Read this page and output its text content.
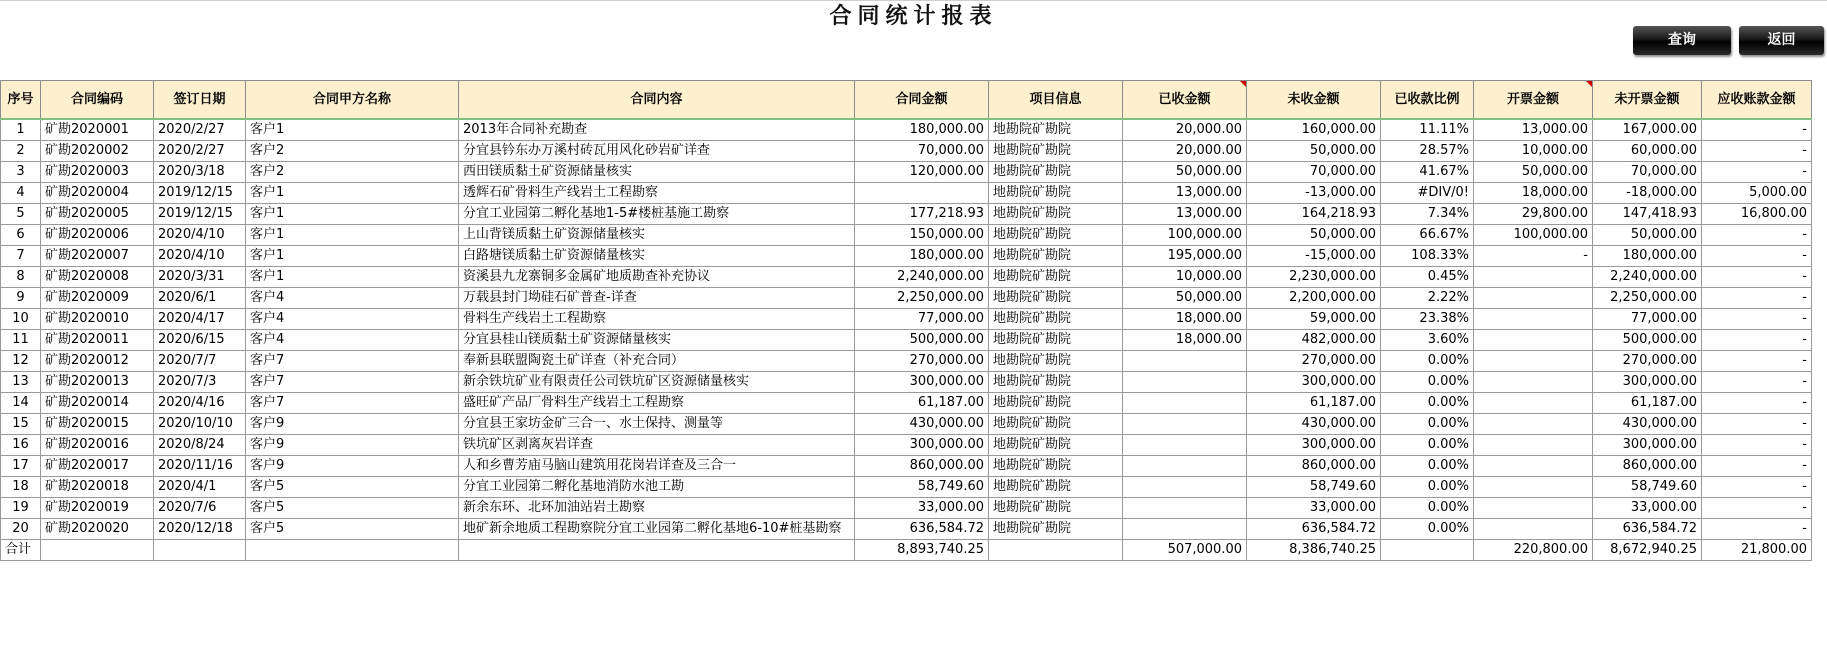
合同统计报表
查询	返回
序号	合同编码	签订日期	合同甲方名称	合同内容	合同金额	项目信息	已收金额	未收金额	已收款比例	开票金额	未开票金额	应收账款金额
1	矿勘2020001	2020/2/27	客户1	2013年合同补充勘查	180,000.00	地勘院矿勘院	20,000.00	160,000.00	11.11%	13,000.00	167,000.00	-
2	矿勘2020002	2020/2/27	客户2	分宜县钤东办万溪村砖瓦用风化砂岩矿详查	70,000.00	地勘院矿勘院	20,000.00	50,000.00	28.57%	10,000.00	60,000.00	-
3	矿勘2020003	2020/3/18	客户2	西田镁质黏土矿资源储量核实	120,000.00	地勘院矿勘院	50,000.00	70,000.00	41.67%	50,000.00	70,000.00	-
4	矿勘2020004	2019/12/15	客户1	透辉石矿骨料生产线岩土工程勘察		地勘院矿勘院	13,000.00	-13,000.00	#DIV/0!	18,000.00	-18,000.00	5,000.00
5	矿勘2020005	2019/12/15	客户1	分宜工业园第二孵化基地1-5#楼桩基施工勘察	177,218.93	地勘院矿勘院	13,000.00	164,218.93	7.34%	29,800.00	147,418.93	16,800.00
6	矿勘2020006	2020/4/10	客户1	上山背镁质黏土矿资源储量核实	150,000.00	地勘院矿勘院	100,000.00	50,000.00	66.67%	100,000.00	50,000.00	-
7	矿勘2020007	2020/4/10	客户1	白路塘镁质黏土矿资源储量核实	180,000.00	地勘院矿勘院	195,000.00	-15,000.00	108.33%	-	180,000.00	-
8	矿勘2020008	2020/3/31	客户1	资溪县九龙寨铜多金属矿地质勘查补充协议	2,240,000.00	地勘院矿勘院	10,000.00	2,230,000.00	0.45%		2,240,000.00	-
9	矿勘2020009	2020/6/1	客户4	万载县封门坳硅石矿普查-详查	2,250,000.00	地勘院矿勘院	50,000.00	2,200,000.00	2.22%		2,250,000.00	-
10	矿勘2020010	2020/4/17	客户4	骨料生产线岩土工程勘察	77,000.00	地勘院矿勘院	18,000.00	59,000.00	23.38%		77,000.00	-
11	矿勘2020011	2020/6/15	客户4	分宜县桂山镁质黏土矿资源储量核实	500,000.00	地勘院矿勘院	18,000.00	482,000.00	3.60%		500,000.00	-
12	矿勘2020012	2020/7/7	客户7	奉新县联盟陶瓷土矿详查（补充合同）	270,000.00	地勘院矿勘院		270,000.00	0.00%		270,000.00	-
13	矿勘2020013	2020/7/3	客户7	新余铁坑矿业有限责任公司铁坑矿区资源储量核实	300,000.00	地勘院矿勘院		300,000.00	0.00%		300,000.00	-
14	矿勘2020014	2020/4/16	客户7	盛旺矿产品厂骨料生产线岩土工程勘察	61,187.00	地勘院矿勘院		61,187.00	0.00%		61,187.00	-
15	矿勘2020015	2020/10/10	客户9	分宜县王家坊金矿三合一、水土保持、测量等	430,000.00	地勘院矿勘院		430,000.00	0.00%		430,000.00	-
16	矿勘2020016	2020/8/24	客户9	铁坑矿区剥离灰岩详查	300,000.00	地勘院矿勘院		300,000.00	0.00%		300,000.00	-
17	矿勘2020017	2020/11/16	客户9	人和乡曹芳庙马脑山建筑用花岗岩详查及三合一	860,000.00	地勘院矿勘院		860,000.00	0.00%		860,000.00	-
18	矿勘2020018	2020/4/1	客户5	分宜工业园第二孵化基地消防水池工勘	58,749.60	地勘院矿勘院		58,749.60	0.00%		58,749.60	-
19	矿勘2020019	2020/7/6	客户5	新余东环、北环加油站岩土勘察	33,000.00	地勘院矿勘院		33,000.00	0.00%		33,000.00	-
20	矿勘2020020	2020/12/18	客户5	地矿新余地质工程勘察院分宜工业园第二孵化基地6-10#桩基勘察	636,584.72	地勘院矿勘院		636,584.72	0.00%		636,584.72	-
合计					8,893,740.25		507,000.00	8,386,740.25		220,800.00	8,672,940.25	21,800.00
